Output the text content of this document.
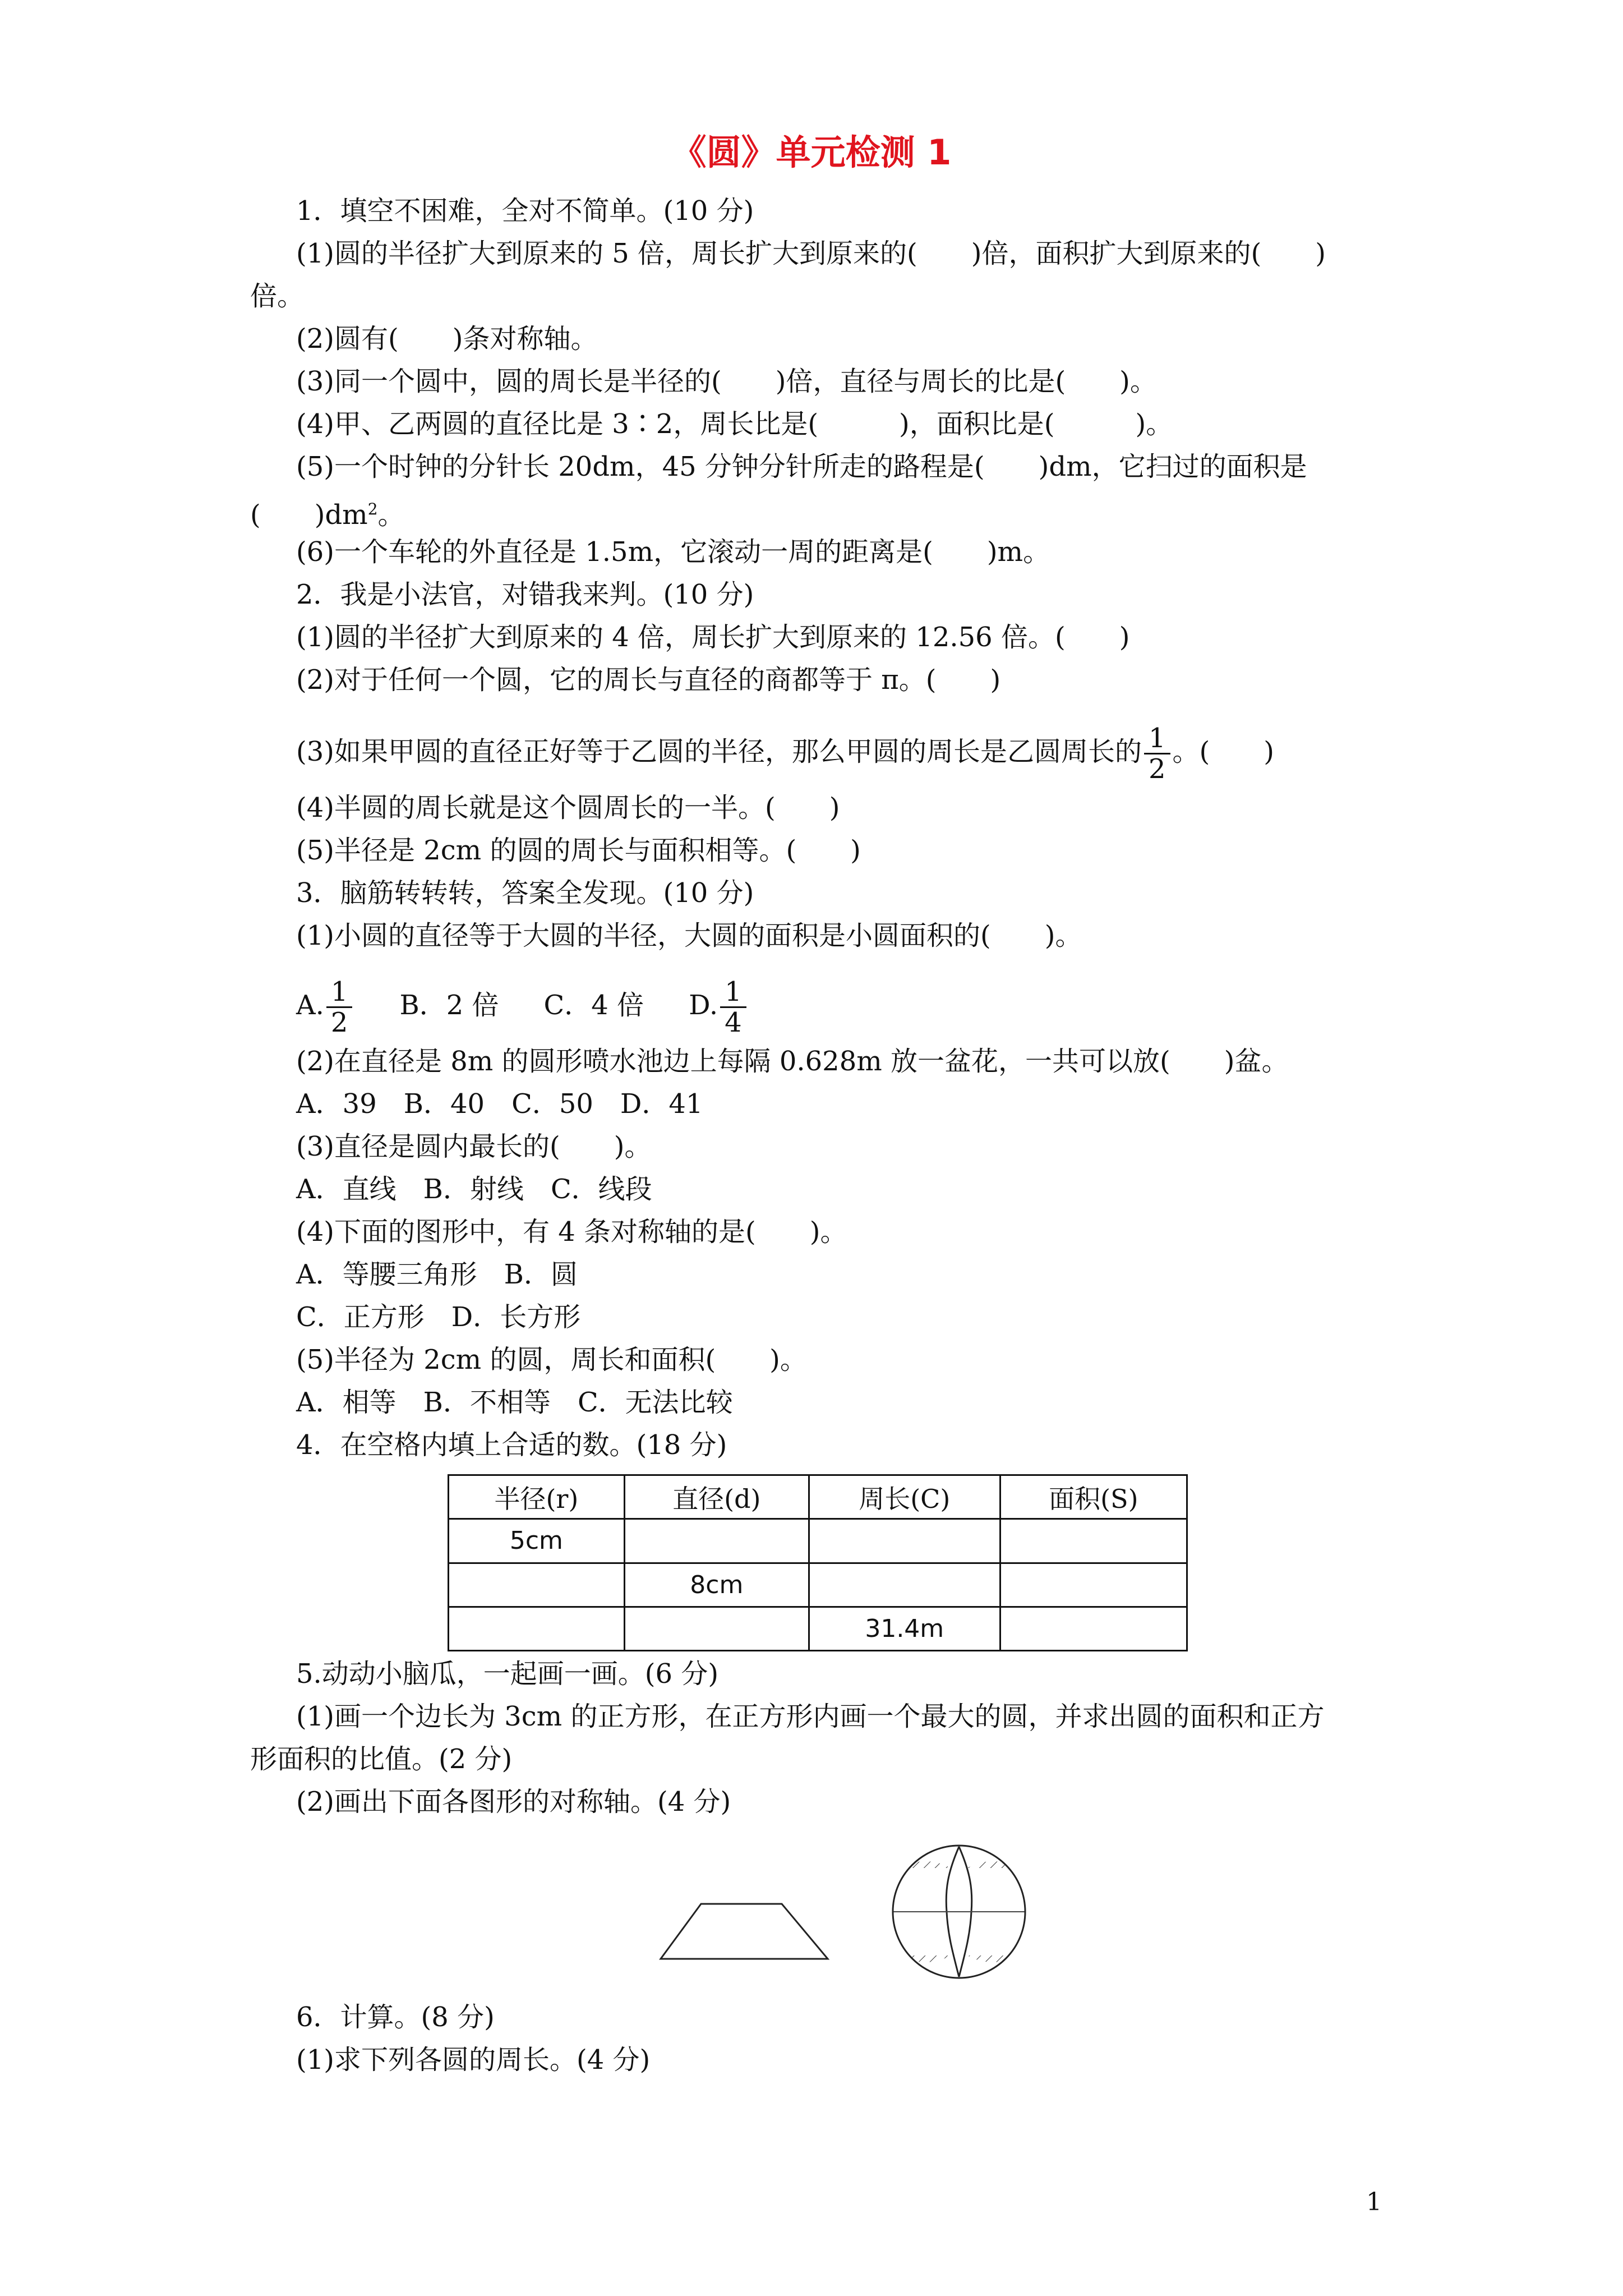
《圆》单元检测 1

1．填空不困难，全对不简单。(10 分)

(1)圆的半径扩大到原来的 5 倍，周长扩大到原来的(　　)倍，面积扩大到原来的(　　)

倍。

(2)圆有(　　)条对称轴。

(3)同一个圆中，圆的周长是半径的(　　)倍，直径与周长的比是(　　)。

(4)甲、乙两圆的直径比是 3∶2，周长比是(　　　)，面积比是(　　　)。

(5)一个时钟的分针长 20dm，45 分钟分针所走的路程是(　　)dm，它扫过的面积是

(　　)$dm^2$。

(6)一个车轮的外直径是 1.5m，它滚动一周的距离是(　　)m。

2．我是小法官，对错我来判。(10 分)

(1)圆的半径扩大到原来的 4 倍，周长扩大到原来的 12.56 倍。(　　)

(2)对于任何一个圆，它的周长与直径的商都等于 π。(　　)

(3)如果甲圆的直径正好等于乙圆的半径，那么甲圆的周长是乙圆周长的 $\frac{1}{2}$ 。(　　)

(4)半圆的周长就是这个圆周长的一半。(　　)

(5)半径是 2cm 的圆的周长与面积相等。(　　)

3．脑筋转转转，答案全发现。(10 分)

(1)小圆的直径等于大圆的半径，大圆的面积是小圆面积的(　　)。

A. $\frac{1}{2}$ B．2 倍 C．4 倍 D. $\frac{1}{4}$

(2)在直径是 8m 的圆形喷水池边上每隔 0.628m 放一盆花，一共可以放(　　)盆。

A．39　B．40　C．50　D．41

(3)直径是圆内最长的(　　)。

A．直线　B．射线　C．线段

(4)下面的图形中，有 4 条对称轴的是(　　)。

A．等腰三角形　B．圆

C．正方形　D．长方形

(5)半径为 2cm 的圆，周长和面积(　　)。

A．相等　B．不相等　C．无法比较

4．在空格内填上合适的数。(18 分)

半径(r)	直径(d)	周长(C)	面积(S)
5cm			
	8cm		
		31.4m	

5.动动小脑瓜，一起画一画。(6 分)

(1)画一个边长为 3cm 的正方形，在正方形内画一个最大的圆，并求出圆的面积和正方

形面积的比值。(2 分)

(2)画出下面各图形的对称轴。(4 分)

6．计算。(8 分)

(1)求下列各圆的周长。(4 分)

1
